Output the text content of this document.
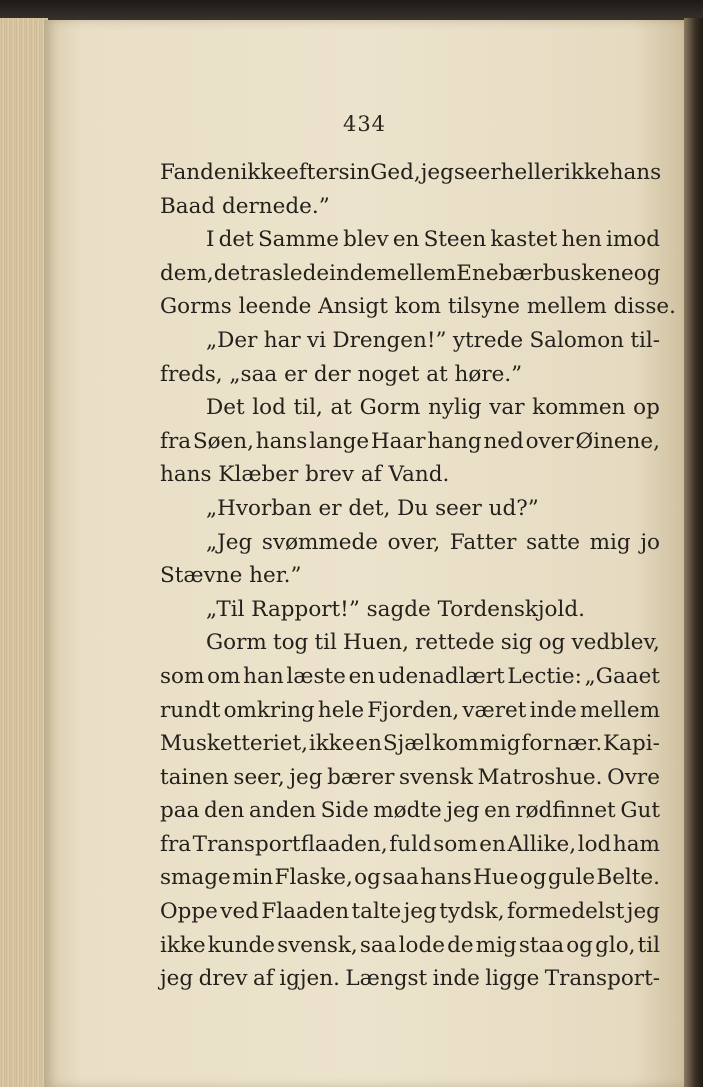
434
Fanden ikke efter sin Ged, jeg seer heller ikke hans
Baad dernede.”
I det Samme blev en Steen kastet hen imod
dem, det raslede inde mellem Enebærbuskene og
Gorms leende Ansigt kom tilsyne mellem disse.
„Der har vi Drengen!” ytrede Salomon til-
freds, „saa er der noget at høre.”
Det lod til, at Gorm nylig var kommen op
fra Søen, hans lange Haar hang ned over Øinene,
hans Klæber brev af Vand.
„Hvorban er det, Du seer ud?”
„Jeg svømmede over, Fatter satte mig jo
Stævne her.”
„Til Rapport!” sagde Tordenskjold.
Gorm tog til Huen, rettede sig og vedblev,
som om han læste en udenadlært Lectie: „Gaaet
rundt omkring hele Fjorden, været inde mellem
Musketteriet, ikke en Sjæl kom mig for nær. Kapi-
tainen seer, jeg bærer svensk Matroshue. Ovre
paa den anden Side mødte jeg en rødfinnet Gut
fra Transportflaaden, fuld som en Allike, lod ham
smage min Flaske, og saa hans Hue og gule Belte.
Oppe ved Flaaden talte jeg tydsk, formedelst jeg
ikke kunde svensk, saa lode de mig staa og glo, til
jeg drev af igjen. Længst inde ligge Transport-
